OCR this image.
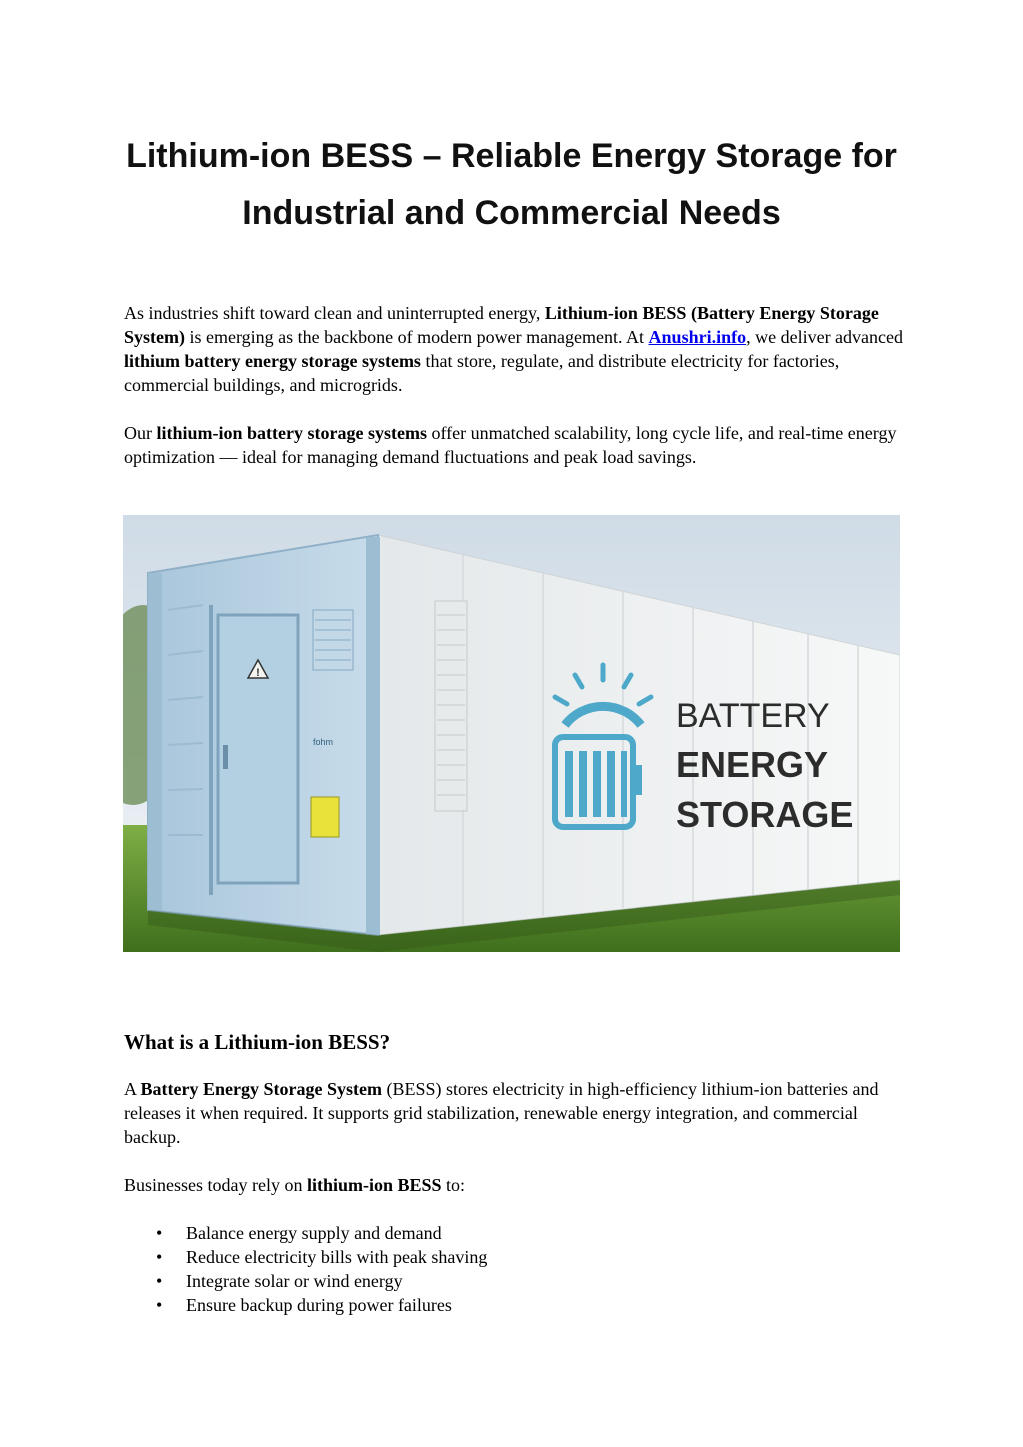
Lithium-ion BESS – Reliable Energy Storage for Industrial and Commercial Needs

As industries shift toward clean and uninterrupted energy, Lithium-ion BESS (Battery Energy Storage System) is emerging as the backbone of modern power management. At Anushri.info, we deliver advanced lithium battery energy storage systems that store, regulate, and distribute electricity for factories, commercial buildings, and microgrids.

Our lithium-ion battery storage systems offer unmatched scalability, long cycle life, and real-time energy optimization — ideal for managing demand fluctuations and peak load savings.

BATTERY
ENERGY
STORAGE
!
fohm
What is a Lithium-ion BESS?

A Battery Energy Storage System (BESS) stores electricity in high-efficiency lithium-ion batteries and releases it when required. It supports grid stabilization, renewable energy integration, and commercial backup.

Businesses today rely on lithium-ion BESS to:

• Balance energy supply and demand
• Reduce electricity bills with peak shaving
• Integrate solar or wind energy
• Ensure backup during power failures
